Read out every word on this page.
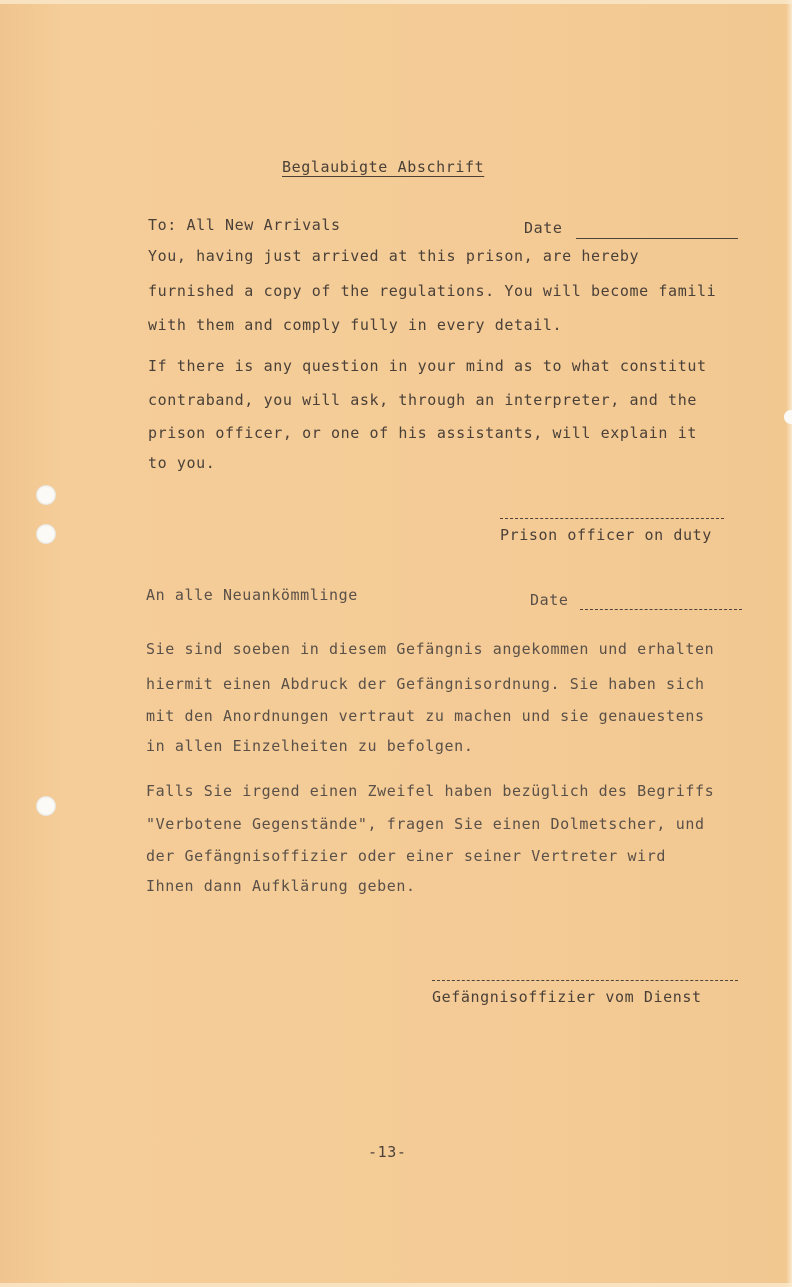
Beglaubigte Abschrift
To: All New Arrivals	Date
You, having just arrived at this prison, are hereby
furnished a copy of the regulations. You will become famili
with them and comply fully in every detail.
If there is any question in your mind as to what constitut
contraband, you will ask, through an interpreter, and the
prison officer, or one of his assistants, will explain it
to you.
Prison officer on duty
An alle Neuankömmlinge	Date
Sie sind soeben in diesem Gefängnis angekommen und erhalten
hiermit einen Abdruck der Gefängnisordnung. Sie haben sich
mit den Anordnungen vertraut zu machen und sie genauestens
in allen Einzelheiten zu befolgen.
Falls Sie irgend einen Zweifel haben bezüglich des Begriffs
"Verbotene Gegenstände", fragen Sie einen Dolmetscher, und
der Gefängnisoffizier oder einer seiner Vertreter wird
Ihnen dann Aufklärung geben.
Gefängnisoffizier vom Dienst
-13-
